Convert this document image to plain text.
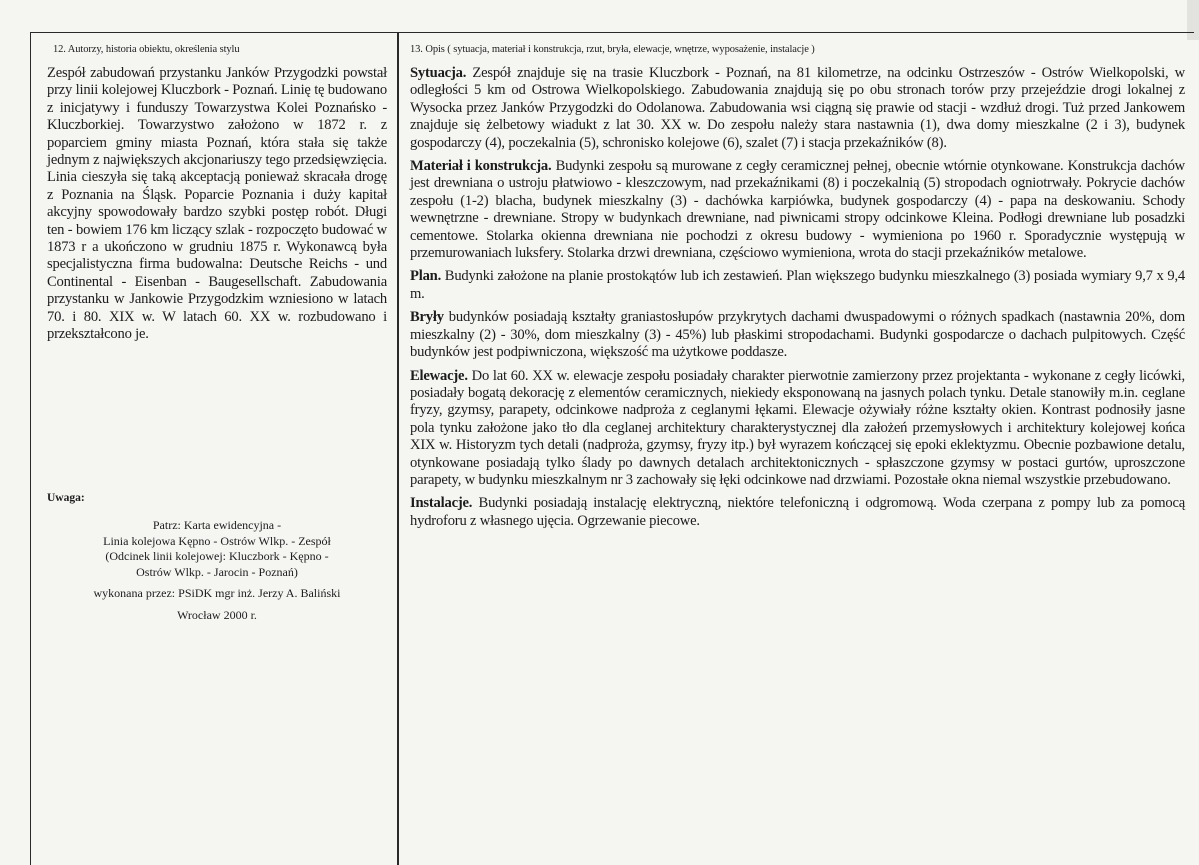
12. Autorzy, historia obiektu, określenia stylu

Zespół zabudowań przystanku Janków Przygodzki powstał przy linii kolejowej Kluczbork - Poznań. Linię tę budowano z inicjatywy i funduszy Towarzystwa Kolei Poznańsko - Kluczborkiej. Towarzystwo założono w 1872 r. z poparciem gminy miasta Poznań, która stała się także jednym z największych akcjonariuszy tego przedsięwzięcia. Linia cieszyła się taką akceptacją ponieważ skracała drogę z Poznania na Śląsk. Poparcie Poznania i duży kapitał akcyjny spowodowały bardzo szybki postęp robót. Długi ten - bowiem 176 km liczący szlak - rozpoczęto budować w 1873 r a ukończono w grudniu 1875 r. Wykonawcą była specjalistyczna firma budowalna: Deutsche Reichs - und Continental - Eisenban - Baugesellschaft. Zabudowania przystanku w Jankowie Przygodzkim wzniesiono w latach 70. i 80. XIX w. W latach 60. XX w. rozbudowano i przekształcono je.

Uwaga:
Patrz: Karta ewidencyjna -
Linia kolejowa Kępno - Ostrów Wlkp. - Zespół
(Odcinek linii kolejowej: Kluczbork - Kępno -
Ostrów Wlkp. - Jarocin - Poznań)
wykonana przez: PSiDK mgr inż. Jerzy A. Baliński
Wrocław 2000 r.
13. Opis ( sytuacja, materiał i konstrukcja, rzut, bryła, elewacje, wnętrze, wyposażenie, instalacje )

Sytuacja. Zespół znajduje się na trasie Kluczbork - Poznań, na 81 kilometrze, na odcinku Ostrzeszów - Ostrów Wielkopolski, w odległości 5 km od Ostrowa Wielkopolskiego. Zabudowania znajdują się po obu stronach torów przy przejeździe drogi lokalnej z Wysocka przez Janków Przygodzki do Odolanowa. Zabudowania wsi ciągną się prawie od stacji - wzdłuż drogi. Tuż przed Jankowem znajduje się żelbetowy wiadukt z lat 30. XX w. Do zespołu należy stara nastawnia (1), dwa domy mieszkalne (2 i 3), budynek gospodarczy (4), poczekalnia (5), schronisko kolejowe (6), szalet (7) i stacja przekaźników (8).

Materiał i konstrukcja. Budynki zespołu są murowane z cegły ceramicznej pełnej, obecnie wtórnie otynkowane. Konstrukcja dachów jest drewniana o ustroju płatwiowo - kleszczowym, nad przekaźnikami (8) i poczekalnią (5) stropodach ogniotrwały. Pokrycie dachów zespołu (1-2) blacha, budynek mieszkalny (3) - dachówka karpiówka, budynek gospodarczy (4) - papa na deskowaniu. Schody wewnętrzne - drewniane. Stropy w budynkach drewniane, nad piwnicami stropy odcinkowe Kleina. Podłogi drewniane lub posadzki cementowe. Stolarka okienna drewniana nie pochodzi z okresu budowy - wymieniona po 1960 r. Sporadycznie występują w przemurowaniach luksfery. Stolarka drzwi drewniana, częściowo wymieniona, wrota do stacji przekaźników metalowe.

Plan. Budynki założone na planie prostokątów lub ich zestawień. Plan większego budynku mieszkalnego (3) posiada wymiary 9,7 x 9,4 m.

Bryły budynków posiadają kształty graniastosłupów przykrytych dachami dwuspadowymi o różnych spadkach (nastawnia 20%, dom mieszkalny (2) - 30%, dom mieszkalny (3) - 45%) lub płaskimi stropodachami. Budynki gospodarcze o dachach pulpitowych. Część budynków jest podpiwniczona, większość ma użytkowe poddasze.

Elewacje. Do lat 60. XX w. elewacje zespołu posiadały charakter pierwotnie zamierzony przez projektanta - wykonane z cegły licówki, posiadały bogatą dekorację z elementów ceramicznych, niekiedy eksponowaną na jasnych polach tynku. Detale stanowiły m.in. ceglane fryzy, gzymsy, parapety, odcinkowe nadproża z ceglanymi łękami. Elewacje ożywiały różne kształty okien. Kontrast podnosiły jasne pola tynku założone jako tło dla ceglanej architektury charakterystycznej dla założeń przemysłowych i architektury kolejowej końca XIX w. Historyzm tych detali (nadproża, gzymsy, fryzy itp.) był wyrazem kończącej się epoki eklektyzmu. Obecnie pozbawione detalu, otynkowane posiadają tylko ślady po dawnych detalach architektonicznych - spłaszczone gzymsy w postaci gurtów, uproszczone parapety, w budynku mieszkalnym nr 3 zachowały się łęki odcinkowe nad drzwiami. Pozostałe okna niemal wszystkie przebudowano.

Instalacje. Budynki posiadają instalację elektryczną, niektóre telefoniczną i odgromową. Woda czerpana z pompy lub za pomocą hydroforu z własnego ujęcia. Ogrzewanie piecowe.
